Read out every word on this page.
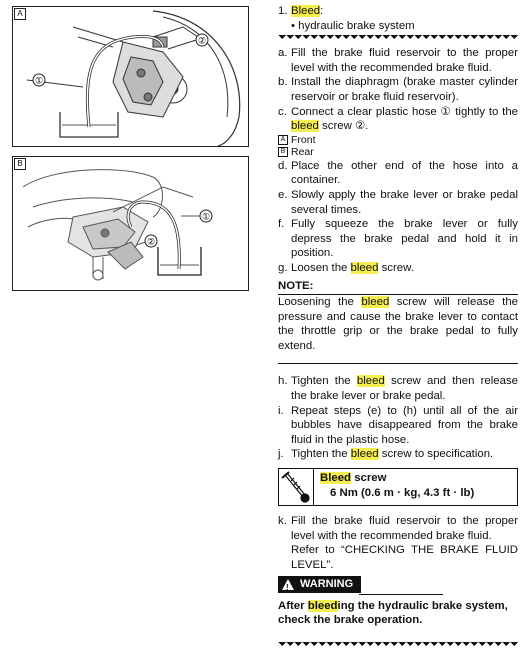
A
①
②
B
②
①
1. Bleed:
• hydraulic brake system
a. Fill the brake fluid reservoir to the proper level with the recommended brake fluid.
b. Install the diaphragm (brake master cylinder reservoir or brake fluid reservoir).
c. Connect a clear plastic hose ① tightly to the bleed screw ②.
A Front
B Rear
d. Place the other end of the hose into a container.
e. Slowly apply the brake lever or brake pedal several times.
f. Fully squeeze the brake lever or fully depress the brake pedal and hold it in position.
g. Loosen the bleed screw.
NOTE:
Loosening the bleed screw will release the pressure and cause the brake lever to contact the throttle grip or the brake pedal to fully extend.
h. Tighten the bleed screw and then release the brake lever or brake pedal.
i. Repeat steps (e) to (h) until all of the air bubbles have disappeared from the brake fluid in the plastic hose.
j. Tighten the bleed screw to specification.
Bleed screw
6 Nm (0.6 m · kg, 4.3 ft · lb)
k. Fill the brake fluid reservoir to the proper level with the recommended brake fluid.
Refer to “CHECKING THE BRAKE FLUID LEVEL”.
! WARNING
After bleeding the hydraulic brake system, check the brake operation.
